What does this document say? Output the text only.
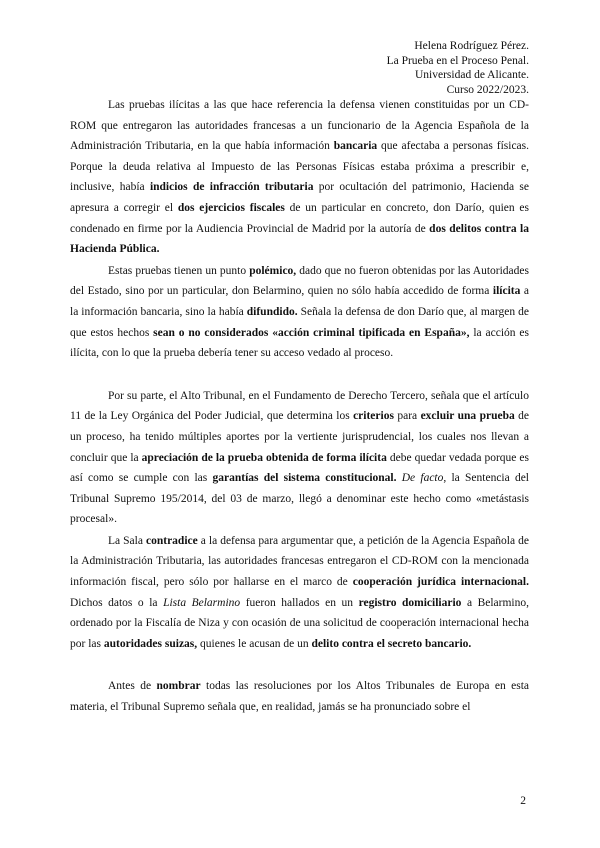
Helena Rodríguez Pérez.
La Prueba en el Proceso Penal.
Universidad de Alicante.
Curso 2022/2023.

Las pruebas ilícitas a las que hace referencia la defensa vienen constituidas por un CD-ROM que entregaron las autoridades francesas a un funcionario de la Agencia Española de la Administración Tributaria, en la que había información bancaria que afectaba a personas físicas. Porque la deuda relativa al Impuesto de las Personas Físicas estaba próxima a prescribir e, inclusive, había indicios de infracción tributaria por ocultación del patrimonio, Hacienda se apresura a corregir el dos ejercicios fiscales de un particular en concreto, don Darío, quien es condenado en firme por la Audiencia Provincial de Madrid por la autoría de dos delitos contra la Hacienda Pública.

Estas pruebas tienen un punto polémico, dado que no fueron obtenidas por las Autoridades del Estado, sino por un particular, don Belarmino, quien no sólo había accedido de forma ilícita a la información bancaria, sino la había difundido. Señala la defensa de don Darío que, al margen de que estos hechos sean o no considerados «acción criminal tipificada en España», la acción es ilícita, con lo que la prueba debería tener su acceso vedado al proceso.

Por su parte, el Alto Tribunal, en el Fundamento de Derecho Tercero, señala que el artículo 11 de la Ley Orgánica del Poder Judicial, que determina los criterios para excluir una prueba de un proceso, ha tenido múltiples aportes por la vertiente jurisprudencial, los cuales nos llevan a concluir que la apreciación de la prueba obtenida de forma ilícita debe quedar vedada porque es así como se cumple con las garantías del sistema constitucional. De facto, la Sentencia del Tribunal Supremo 195/2014, del 03 de marzo, llegó a denominar este hecho como «metástasis procesal».

La Sala contradice a la defensa para argumentar que, a petición de la Agencia Española de la Administración Tributaria, las autoridades francesas entregaron el CD-ROM con la mencionada información fiscal, pero sólo por hallarse en el marco de cooperación jurídica internacional. Dichos datos o la Lista Belarmino fueron hallados en un registro domiciliario a Belarmino, ordenado por la Fiscalía de Niza y con ocasión de una solicitud de cooperación internacional hecha por las autoridades suizas, quienes le acusan de un delito contra el secreto bancario.

Antes de nombrar todas las resoluciones por los Altos Tribunales de Europa en esta materia, el Tribunal Supremo señala que, en realidad, jamás se ha pronunciado sobre el

2
